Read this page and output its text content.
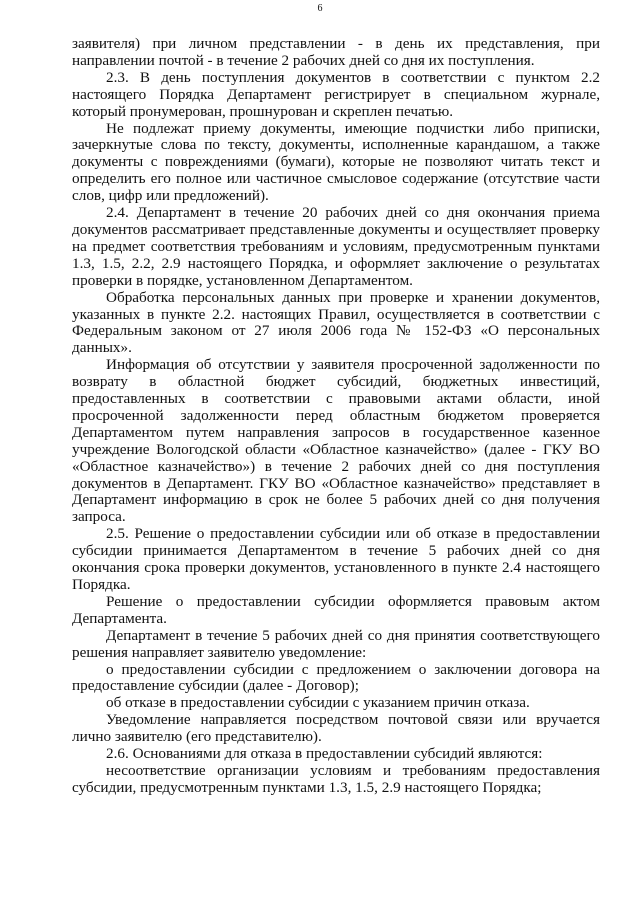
6

заявителя) при личном представлении - в день их представления, при направлении почтой - в течение 2 рабочих дней со дня их поступления.

2.3. В день поступления документов в соответствии с пунктом 2.2 настоящего Порядка Департамент регистрирует в специальном журнале, который пронумерован, прошнурован и скреплен печатью.

Не подлежат приему документы, имеющие подчистки либо приписки, зачеркнутые слова по тексту, документы, исполненные карандашом, а также документы с повреждениями (бумаги), которые не позволяют читать текст и определить его полное или частичное смысловое содержание (отсутствие части слов, цифр или предложений).

2.4. Департамент в течение 20 рабочих дней со дня окончания приема документов рассматривает представленные документы и осуществляет проверку на предмет соответствия требованиям и условиям, предусмотренным пунктами 1.3, 1.5, 2.2, 2.9 настоящего Порядка, и оформляет заключение о результатах проверки в порядке, установленном Департаментом.

Обработка персональных данных при проверке и хранении документов, указанных в пункте 2.2. настоящих Правил, осуществляется в соответствии с Федеральным законом от 27 июля 2006 года № 152-ФЗ «О персональных данных».

Информация об отсутствии у заявителя просроченной задолженности по возврату в областной бюджет субсидий, бюджетных инвестиций, предоставленных в соответствии с правовыми актами области, иной просроченной задолженности перед областным бюджетом проверяется Департаментом путем направления запросов в государственное казенное учреждение Вологодской области «Областное казначейство» (далее - ГКУ ВО «Областное казначейство») в течение 2 рабочих дней со дня поступления документов в Департамент. ГКУ ВО «Областное казначейство» представляет в Департамент информацию в срок не более 5 рабочих дней со дня получения запроса.

2.5. Решение о предоставлении субсидии или об отказе в предоставлении субсидии принимается Департаментом в течение 5 рабочих дней со дня окончания срока проверки документов, установленного в пункте 2.4 настоящего Порядка.

Решение о предоставлении субсидии оформляется правовым актом Департамента.

Департамент в течение 5 рабочих дней со дня принятия соответствующего решения направляет заявителю уведомление:

о предоставлении субсидии с предложением о заключении договора на предоставление субсидии (далее - Договор);

об отказе в предоставлении субсидии с указанием причин отказа.

Уведомление направляется посредством почтовой связи или вручается лично заявителю (его представителю).

2.6. Основаниями для отказа в предоставлении субсидий являются:

несоответствие организации условиям и требованиям предоставления субсидии, предусмотренным пунктами 1.3, 1.5, 2.9 настоящего Порядка;
